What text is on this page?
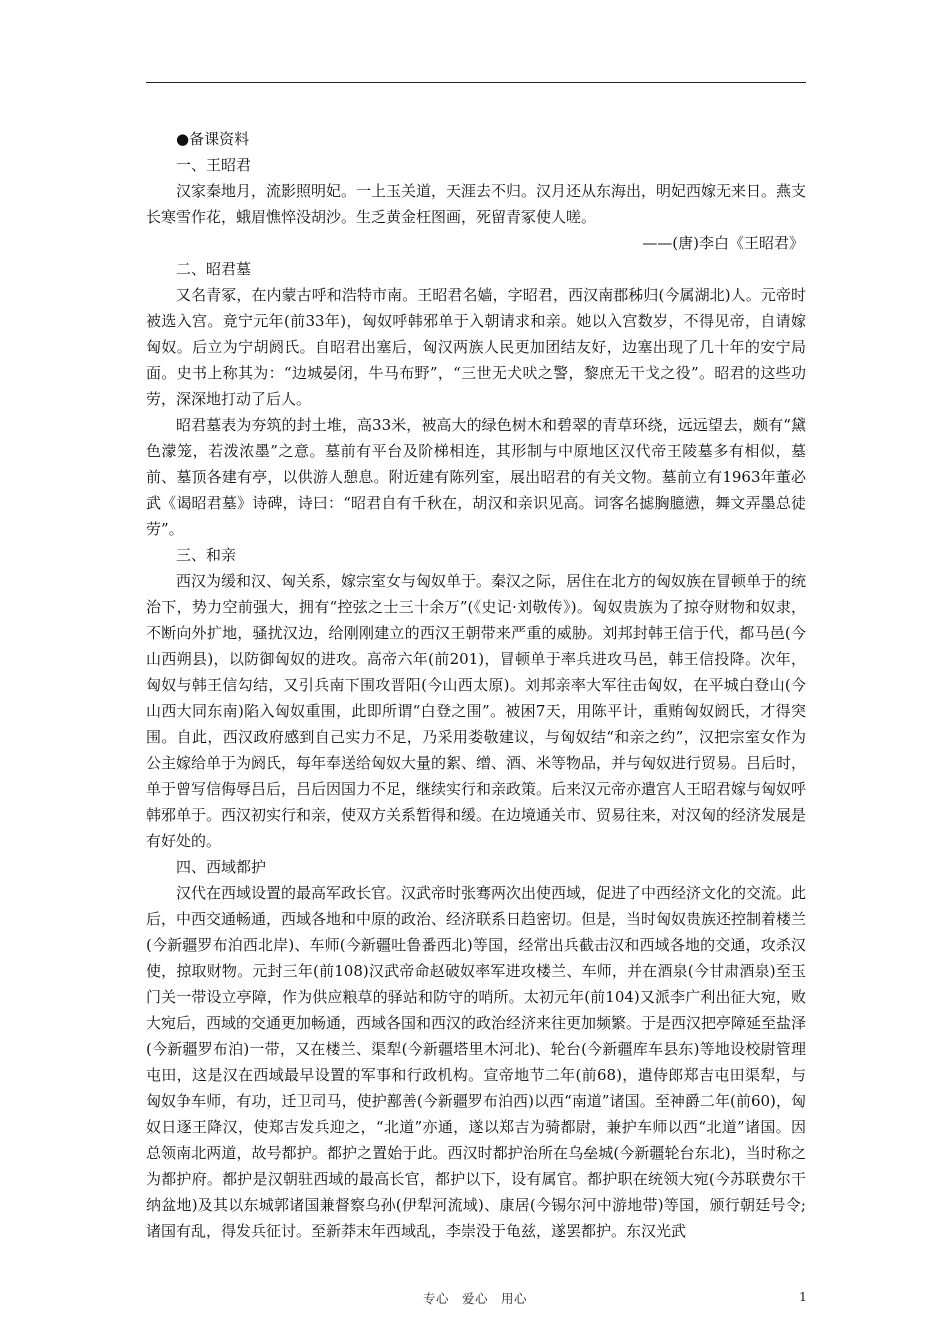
●备课资料

一、王昭君

汉家秦地月，流影照明妃。一上玉关道，天涯去不归。汉月还从东海出，明妃西嫁无来日。燕支长寒雪作花，蛾眉憔悴没胡沙。生乏黄金枉图画，死留青冢使人嗟。

——(唐)李白《王昭君》

二、昭君墓

又名青冢，在内蒙古呼和浩特市南。王昭君名嫱，字昭君，西汉南郡秭归(今属湖北)人。元帝时被选入宫。竟宁元年(前33年)，匈奴呼韩邪单于入朝请求和亲。她以入宫数岁，不得见帝，自请嫁匈奴。后立为宁胡阏氏。自昭君出塞后，匈汉两族人民更加团结友好，边塞出现了几十年的安宁局面。史书上称其为：“边城晏闭，牛马布野”，“三世无犬吠之警，黎庶无干戈之役”。昭君的这些功劳，深深地打动了后人。

昭君墓表为夯筑的封土堆，高33米，被高大的绿色树木和碧翠的青草环绕，远远望去，颇有“黛色濛笼，若泼浓墨”之意。墓前有平台及阶梯相连，其形制与中原地区汉代帝王陵墓多有相似，墓前、墓顶各建有亭，以供游人憩息。附近建有陈列室，展出昭君的有关文物。墓前立有1963年董必武《谒昭君墓》诗碑，诗曰：“昭君自有千秋在，胡汉和亲识见高。词客名摅胸臆懑，舞文弄墨总徒劳”。

三、和亲

西汉为缓和汉、匈关系，嫁宗室女与匈奴单于。秦汉之际，居住在北方的匈奴族在冒顿单于的统治下，势力空前强大，拥有“控弦之士三十余万”(《史记·刘敬传》)。匈奴贵族为了掠夺财物和奴隶，不断向外扩地，骚扰汉边，给刚刚建立的西汉王朝带来严重的威胁。刘邦封韩王信于代，都马邑(今山西朔县)，以防御匈奴的进攻。高帝六年(前201)，冒顿单于率兵进攻马邑，韩王信投降。次年，匈奴与韩王信勾结，又引兵南下围攻晋阳(今山西太原)。刘邦亲率大军往击匈奴，在平城白登山(今山西大同东南)陷入匈奴重围，此即所谓“白登之围”。被困7天，用陈平计，重贿匈奴阏氏，才得突围。自此，西汉政府感到自己实力不足，乃采用娄敬建议，与匈奴结“和亲之约”，汉把宗室女作为公主嫁给单于为阏氏，每年奉送给匈奴大量的絮、缯、酒、米等物品，并与匈奴进行贸易。吕后时，单于曾写信侮辱吕后，吕后因国力不足，继续实行和亲政策。后来汉元帝亦遣宫人王昭君嫁与匈奴呼韩邪单于。西汉初实行和亲，使双方关系暂得和缓。在边境通关市、贸易往来，对汉匈的经济发展是有好处的。

四、西域都护

汉代在西域设置的最高军政长官。汉武帝时张骞两次出使西域，促进了中西经济文化的交流。此后，中西交通畅通，西域各地和中原的政治、经济联系日趋密切。但是，当时匈奴贵族还控制着楼兰(今新疆罗布泊西北岸)、车师(今新疆吐鲁番西北)等国，经常出兵截击汉和西域各地的交通，攻杀汉使，掠取财物。元封三年(前108)汉武帝命赵破奴率军进攻楼兰、车师，并在酒泉(今甘肃酒泉)至玉门关一带设立亭障，作为供应粮草的驿站和防守的哨所。太初元年(前104)又派李广利出征大宛，败大宛后，西域的交通更加畅通，西域各国和西汉的政治经济来往更加频繁。于是西汉把亭障延至盐泽(今新疆罗布泊)一带，又在楼兰、渠犁(今新疆塔里木河北)、轮台(今新疆库车县东)等地设校尉管理屯田，这是汉在西域最早设置的军事和行政机构。宣帝地节二年(前68)，遣侍郎郑吉屯田渠犁，与匈奴争车师，有功，迁卫司马，使护鄯善(今新疆罗布泊西)以西“南道”诸国。至神爵二年(前60)，匈奴日逐王降汉，使郑吉发兵迎之，“北道”亦通，遂以郑吉为骑都尉，兼护车师以西“北道”诸国。因总领南北两道，故号都护。都护之置始于此。西汉时都护治所在乌垒城(今新疆轮台东北)，当时称之为都护府。都护是汉朝驻西域的最高长官，都护以下，设有属官。都护职在统领大宛(今苏联费尔干纳盆地)及其以东城郭诸国兼督察乌孙(伊犁河流域)、康居(今锡尔河中游地带)等国，颁行朝廷号令;诸国有乱，得发兵征讨。至新莽末年西域乱，李崇没于龟兹，遂罢都护。东汉光武

专心　爱心　用心	1
